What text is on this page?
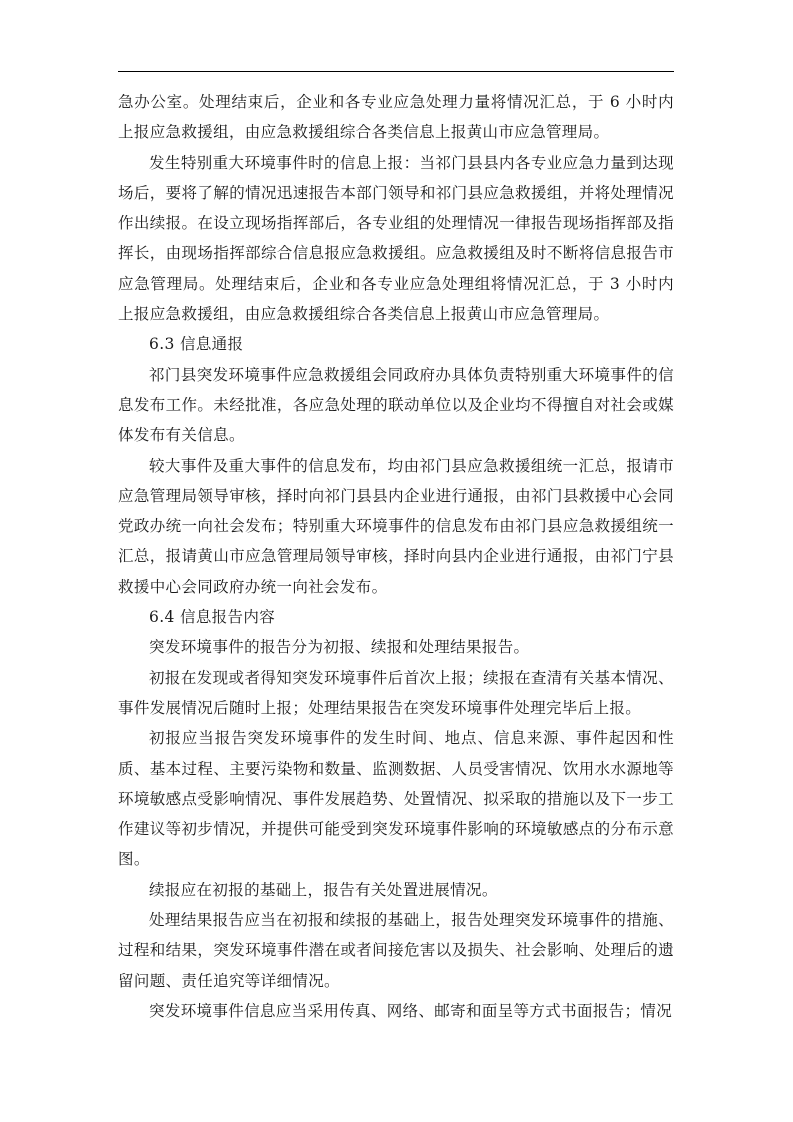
急办公室。处理结束后，企业和各专业应急处理力量将情况汇总，于 6 小时内上报应急救援组，由应急救援组综合各类信息上报黄山市应急管理局。

发生特别重大环境事件时的信息上报：当祁门县县内各专业应急力量到达现场后，要将了解的情况迅速报告本部门领导和祁门县应急救援组，并将处理情况作出续报。在设立现场指挥部后，各专业组的处理情况一律报告现场指挥部及指挥长，由现场指挥部综合信息报应急救援组。应急救援组及时不断将信息报告市应急管理局。处理结束后，企业和各专业应急处理组将情况汇总，于 3 小时内上报应急救援组，由应急救援组综合各类信息上报黄山市应急管理局。

6.3 信息通报

祁门县突发环境事件应急救援组会同政府办具体负责特别重大环境事件的信息发布工作。未经批准，各应急处理的联动单位以及企业均不得擅自对社会或媒体发布有关信息。

较大事件及重大事件的信息发布，均由祁门县应急救援组统一汇总，报请市应急管理局领导审核，择时向祁门县县内企业进行通报，由祁门县救援中心会同党政办统一向社会发布；特别重大环境事件的信息发布由祁门县应急救援组统一汇总，报请黄山市应急管理局领导审核，择时向县内企业进行通报，由祁门宁县救援中心会同政府办统一向社会发布。

6.4 信息报告内容

突发环境事件的报告分为初报、续报和处理结果报告。

初报在发现或者得知突发环境事件后首次上报；续报在查清有关基本情况、事件发展情况后随时上报；处理结果报告在突发环境事件处理完毕后上报。

初报应当报告突发环境事件的发生时间、地点、信息来源、事件起因和性质、基本过程、主要污染物和数量、监测数据、人员受害情况、饮用水水源地等环境敏感点受影响情况、事件发展趋势、处置情况、拟采取的措施以及下一步工作建议等初步情况，并提供可能受到突发环境事件影响的环境敏感点的分布示意图。

续报应在初报的基础上，报告有关处置进展情况。

处理结果报告应当在初报和续报的基础上，报告处理突发环境事件的措施、过程和结果，突发环境事件潜在或者间接危害以及损失、社会影响、处理后的遗留问题、责任追究等详细情况。

突发环境事件信息应当采用传真、网络、邮寄和面呈等方式书面报告；情况
